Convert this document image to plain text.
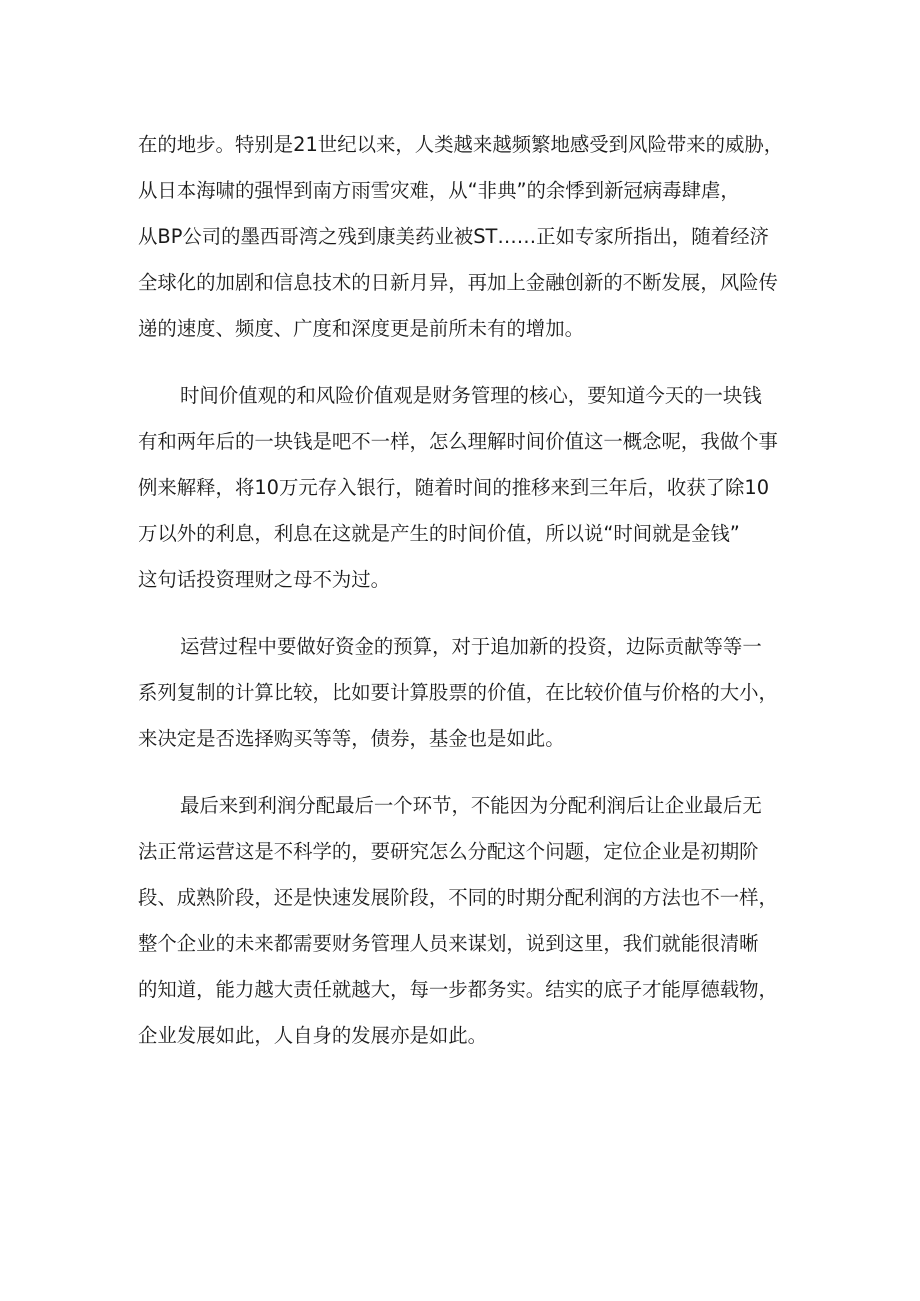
在的地步。特别是21世纪以来，人类越来越频繁地感受到风险带来的威胁，
从日本海啸的强悍到南方雨雪灾难，从“非典”的余悸到新冠病毒肆虐，
从BP公司的墨西哥湾之残到康美药业被ST……正如专家所指出，随着经济
全球化的加剧和信息技术的日新月异，再加上金融创新的不断发展，风险传
递的速度、频度、广度和深度更是前所未有的增加。
时间价值观的和风险价值观是财务管理的核心，要知道今天的一块钱
有和两年后的一块钱是吧不一样，怎么理解时间价值这一概念呢，我做个事
例来解释，将10万元存入银行，随着时间的推移来到三年后，收获了除10
万以外的利息，利息在这就是产生的时间价值，所以说“时间就是金钱”
这句话投资理财之母不为过。
运营过程中要做好资金的预算，对于追加新的投资，边际贡献等等一
系列复制的计算比较，比如要计算股票的价值，在比较价值与价格的大小，
来决定是否选择购买等等，债券，基金也是如此。
最后来到利润分配最后一个环节，不能因为分配利润后让企业最后无
法正常运营这是不科学的，要研究怎么分配这个问题，定位企业是初期阶
段、成熟阶段，还是快速发展阶段，不同的时期分配利润的方法也不一样，
整个企业的未来都需要财务管理人员来谋划，说到这里，我们就能很清晰
的知道，能力越大责任就越大，每一步都务实。结实的底子才能厚德载物，
企业发展如此，人自身的发展亦是如此。
